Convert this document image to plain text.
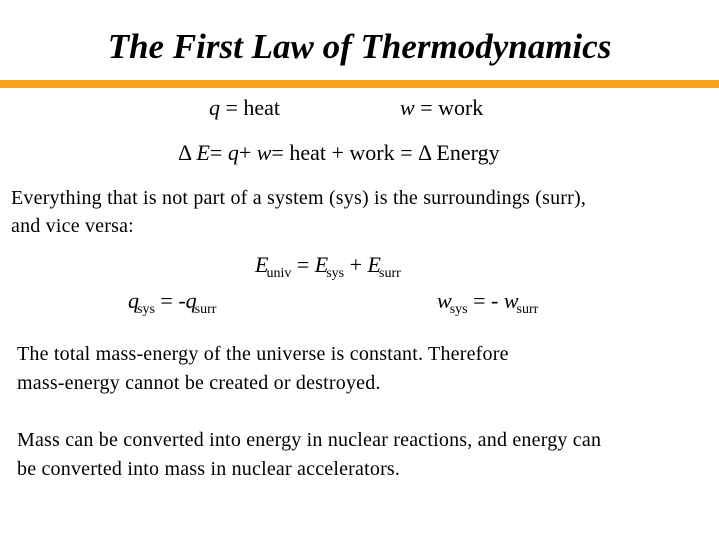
The First Law of Thermodynamics
q = heat	w = work
Δ E= q+ w= heat + work = Δ Energy
Everything that is not part of a system (sys) is the surroundings (surr),
and vice versa:
$E_{univ} = E_{sys} + E_{surr}$
$q_{sys} = -q_{surr}$	$w_{sys}$ = - $w_{surr}$
The total mass-energy of the universe is constant. Therefore
mass-energy cannot be created or destroyed.
Mass can be converted into energy in nuclear reactions, and energy can
be converted into mass in nuclear accelerators.
